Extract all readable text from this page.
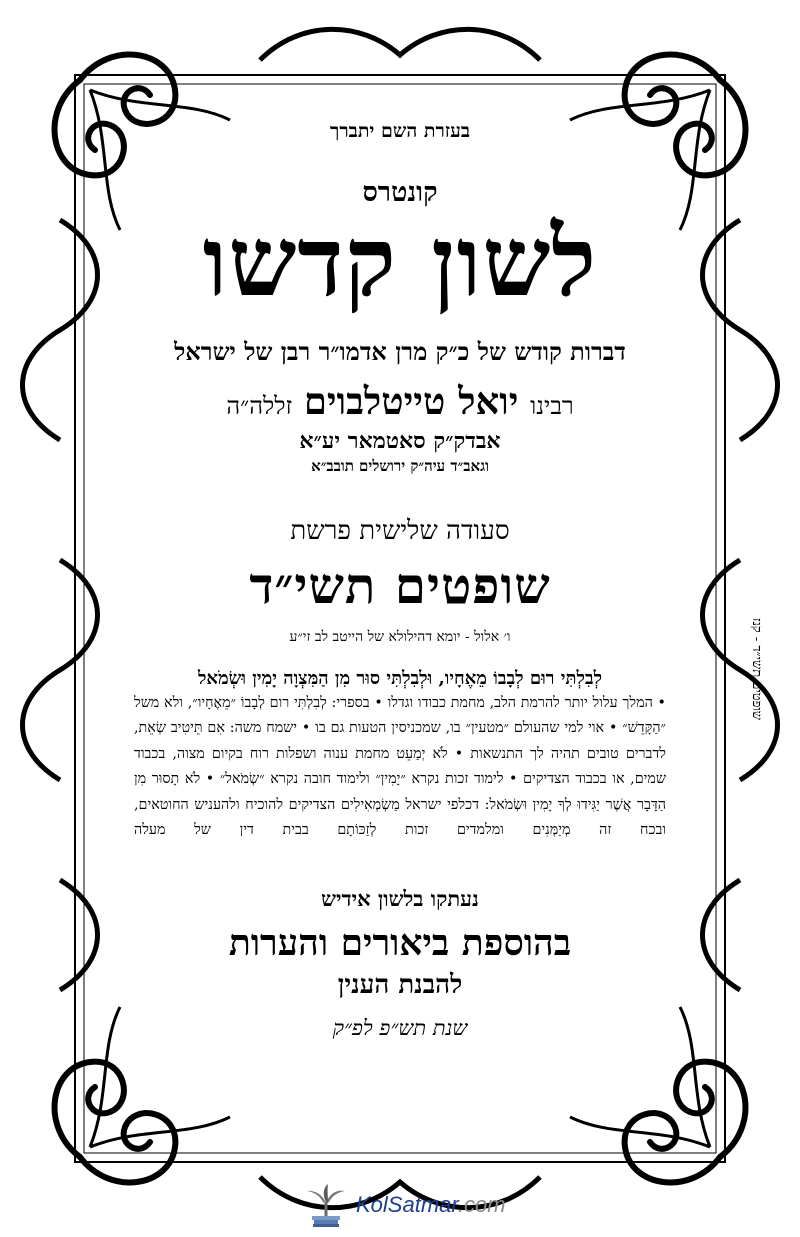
בעזרת השם יתברך
קונטרס
לשון קדשו
דברות קודש של כ״ק מרן אדמו״ר רבן של ישראל
רבינו יואל טייטלבוים זללה״ה
אבדק״ק סאטמאר יע״א
וגאב״ד עיה״ק ירושלים תובב״א
סעודה שלישית פרשת
שופטים תשי״ד
ו׳ אלול - יומא דהילולא של הייטב לב זי״ע
לְבִלְתִּי רוּם לְבָבוֹ מֵאֶחָיו, וּלְבִלְתִּי סוּר מִן הַמִּצְוָה יָמִין וּשְׂמֹאל

• המלך עלול יותר להרמת הלב, מחמת כבודו וגדלו • בספרי: לְבִלְתִּי רום לְבָבוֹ ״מֵאֶחָיו״, ולא משל ״הַקָּדֵשׁ״ • אוי למי שהעולם ״מטעין״ בו, שמכניסין הטעות גם בו • ישמח משה: אִם תֵּיטִיב שְׂאֵת, לדברים טובים תהיה לך התנשאות • לֹא יְמַעֵט מחמת ענוה ושפלות רוח בקיום מצוה, בכבוד שמים, או בכבוד הצדיקים • לימוד זכות נקרא ״יָמִין״ ולימוד חובה נקרא ״שְׂמֹאל״ • לֹא תָסוּר מִן הַדָּבָר אֲשֶׁר יַגִּידוּ לְךָ יָמִין וּשְׂמֹאל: דכלפי ישראל מַשְׂמְאִילִים הצדיקים להוכיח ולהעניש החוטאים, ובכח זה מְיַמְּנִים ומלמדים זכות לְזַכּוֹתָם בבית דין של מעלה

נעתקו בלשון אידיש
בהוספת ביאורים והערות
להבנת הענין
שנת תש״פ לפ״ק
שופטים תשי״ד - קנז
KolSatmar.com
